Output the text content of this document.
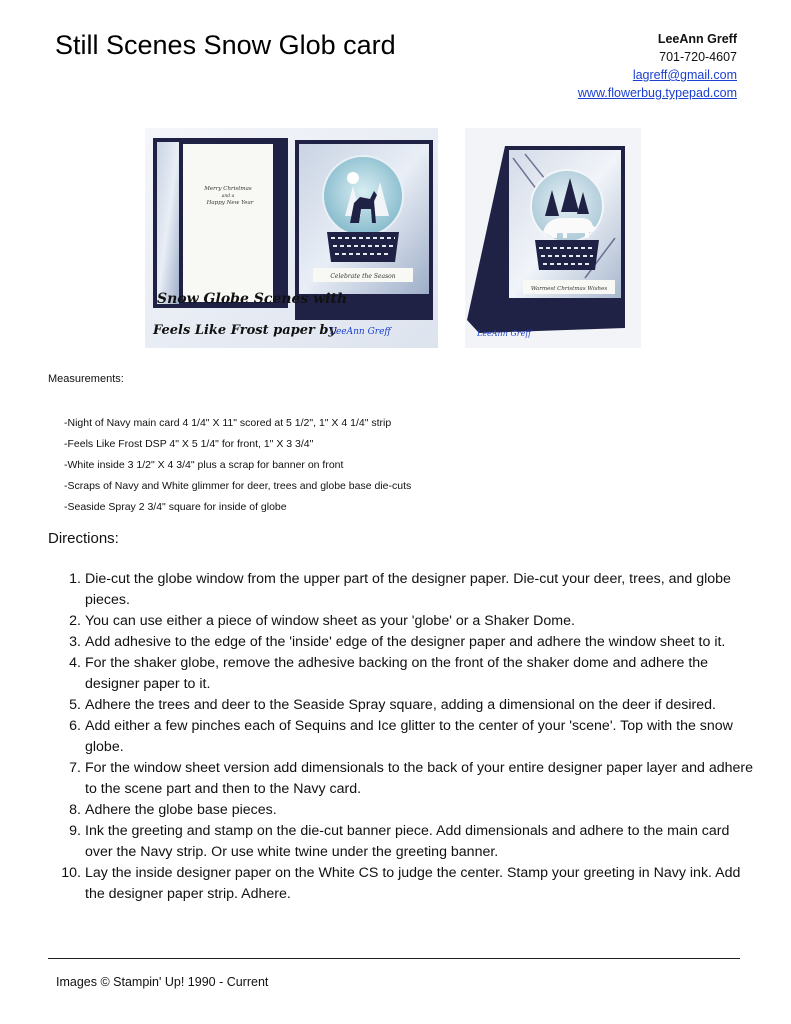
Still Scenes Snow Glob card	LeeAnn Greff
701-720-4607
lagreff@gmail.com
www.flowerbug.typepad.com
Merry Christmas
and a
Happy New Year
Celebrate the Season
Snow Globe Scenes with
Feels Like Frost paper by
LeeAnn Greff
Warmest Christmas Wishes
LeeAnn Greff
Measurements:
-Night of Navy main card 4 1/4" X 11" scored at 5 1/2", 1" X 4 1/4" strip
-Feels Like Frost DSP 4" X 5 1/4" for front, 1" X 3 3/4"
-White inside 3 1/2" X 4 3/4" plus a scrap for banner on front
-Scraps of Navy and White glimmer for deer, trees and globe base die-cuts
-Seaside Spray 2 3/4" square for inside of globe
Directions:
1. Die-cut the globe window from the upper part of the designer paper. Die-cut your deer, trees, and globe pieces.
2. You can use either a piece of window sheet as your 'globe' or a Shaker Dome.
3. Add adhesive to the edge of the 'inside' edge of the designer paper and adhere the window sheet to it.
4. For the shaker globe, remove the adhesive backing on the front of the shaker dome and adhere the designer paper to it.
5. Adhere the trees and deer to the Seaside Spray square, adding a dimensional on the deer if desired.
6. Add either a few pinches each of Sequins and Ice glitter to the center of your 'scene'. Top with the snow globe.
7. For the window sheet version add dimensionals to the back of your entire designer paper layer and adhere to the scene part and then to the Navy card.
8. Adhere the globe base pieces.
9. Ink the greeting and stamp on the die-cut banner piece. Add dimensionals and adhere to the main card over the Navy strip. Or use white twine under the greeting banner.
10. Lay the inside designer paper on the White CS to judge the center. Stamp your greeting in Navy ink. Add the designer paper strip. Adhere.
Images © Stampin' Up! 1990 - Current
